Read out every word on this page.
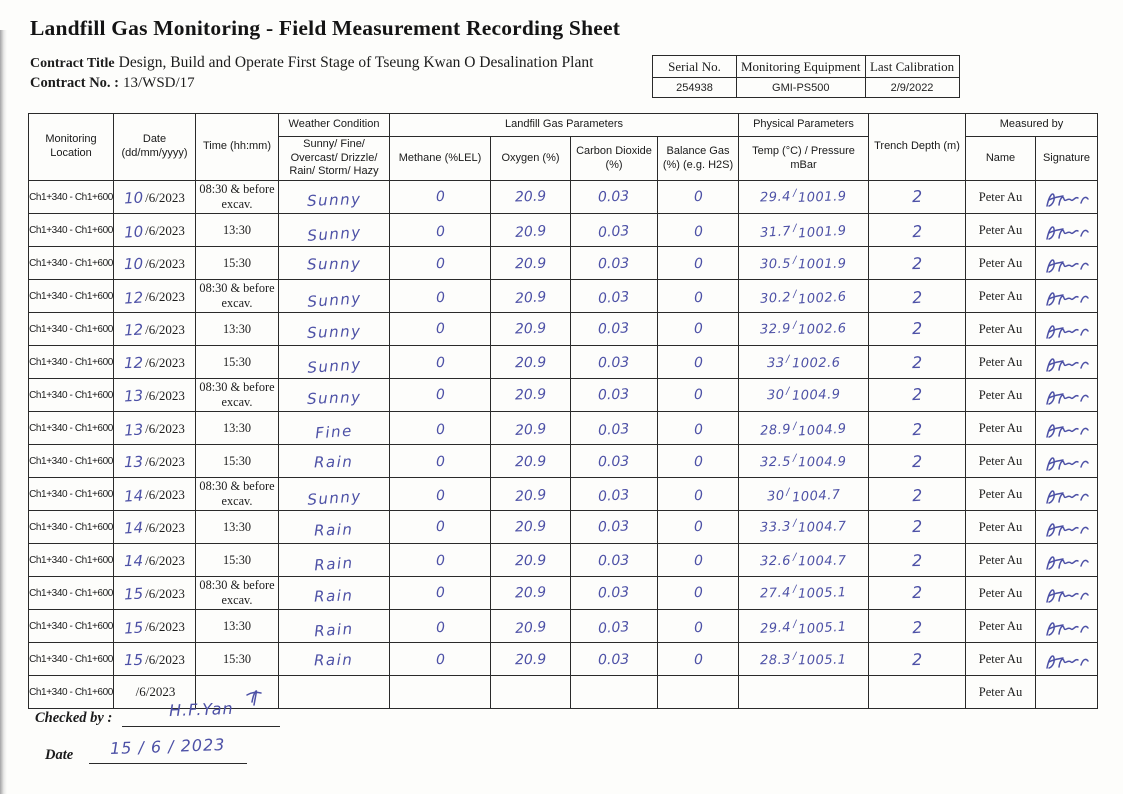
Landfill Gas Monitoring - Field Measurement Recording Sheet
Contract Title Design, Build and Operate First Stage of Tseung Kwan O Desalination Plant
Contract No. : 13/WSD/17
Serial No.	Monitoring Equipment	Last Calibration
254938	GMI-PS500	2/9/2022
Monitoring Location	Date (dd/mm/yyyy)	Time (hh:mm)	Weather Condition	Landfill Gas Parameters				Physical Parameters	Trench Depth (m)	Measured by	
			Sunny/ Fine/ Overcast/ Drizzle/ Rain/ Storm/ Hazy	Methane (%LEL)	Oxygen (%)	Carbon Dioxide (%)	Balance Gas (%) (e.g. H2S)	Temp (°C) / Pressure mBar		Name	Signature
Ch1+340 - Ch1+600	10/6/2023	08:30 & before excav.	Sunny	0	20.9	0.03	0	29.4 / 1001.9	2	Peter Au	

Ch1+340 - Ch1+600	10/6/2023	13:30	Sunny	0	20.9	0.03	0	31.7/1001.9	2	Peter Au	

Ch1+340 - Ch1+600	10 /6/2023	15:30	Sunny	0	20.9	0.03	0	30.5 / 1001.9	2	Peter Au	

Ch1+340 - Ch1+600	12/6/2023	08:30 & before excav.	Sunny	0	20.9	0.03	0	30.2/1002.6	2	Peter Au	

Ch1+340 - Ch1+600	12/6/2023	13:30	Sunny	0	20.9	0.03	0	32.9 / 1002.6	2	Peter Au	

Ch1+340 - Ch1+600	12 /6/2023	15:30	Sunny	0	20.9	0.03	0	33 / 1002.6	2	Peter Au	

Ch1+340 - Ch1+600	13/6/2023	08:30 & before excav.	Sunny	0	20.9	0.03	0	30 / 1004.9	2	Peter Au	

Ch1+340 - Ch1+600	13/6/2023	13:30	Fine	0	20.9	0.03	0	28.9/1004.9	2	Peter Au	

Ch1+340 - Ch1+600	13 /6/2023	15:30	Rain	0	20.9	0.03	0	32.5 / 1004.9	2	Peter Au	

Ch1+340 - Ch1+600	14/6/2023	08:30 & before excav.	Sunny	0	20.9	0.03	0	30/1004.7	2	Peter Au	

Ch1+340 - Ch1+600	14/6/2023	13:30	Rain	0	20.9	0.03	0	33.3 / 1004.7	2	Peter Au	

Ch1+340 - Ch1+600	14 /6/2023	15:30	Rain	0	20.9	0.03	0	32.6 / 1004.7	2	Peter Au	

Ch1+340 - Ch1+600	15/6/2023	08:30 & before excav.	Rain	0	20.9	0.03	0	27.4 / 1005.1	2	Peter Au	

Ch1+340 - Ch1+600	15/6/2023	13:30	Rain	0	20.9	0.03	0	29.4/1005.1	2	Peter Au	

Ch1+340 - Ch1+600	15 /6/2023	15:30	Rain	0	20.9	0.03	0	28.3 / 1005.1	2	Peter Au	

Ch1+340 - Ch1+600	/6/2023									Peter Au	
Checked by :	H.F.Yan
Date	15 / 6 / 2023
